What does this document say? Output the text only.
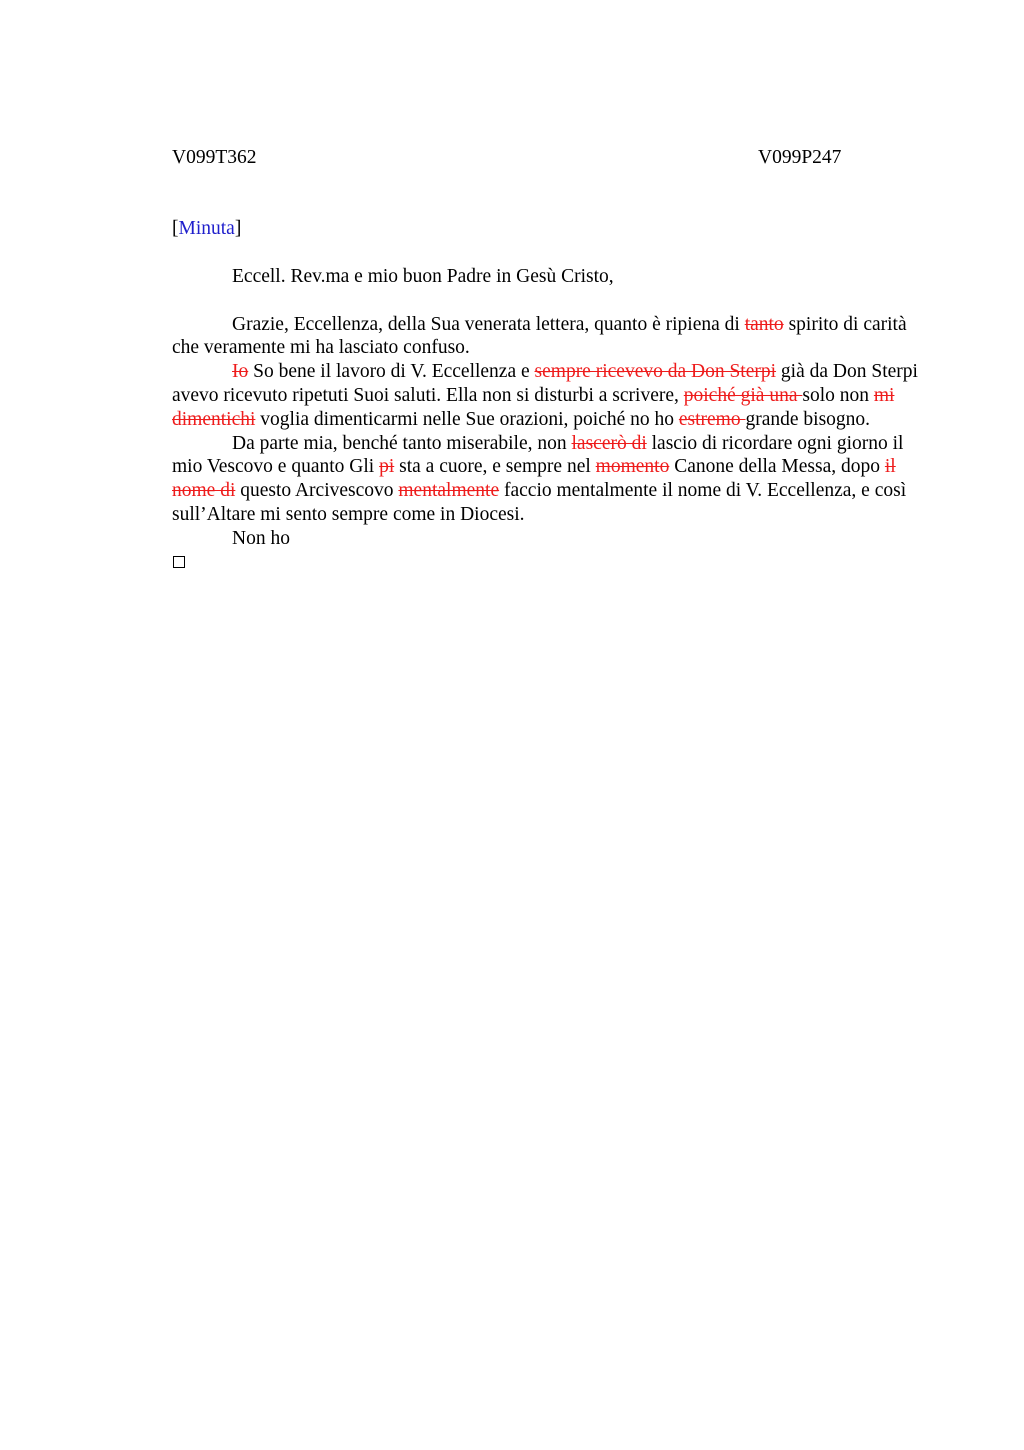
V099T362	V099P247
[Minuta]
Eccell. Rev.ma e mio buon Padre in Gesù Cristo,

Grazie, Eccellenza, della Sua venerata lettera, quanto è ripiena di tanto spirito di carità che veramente mi ha lasciato confuso.

Io So bene il lavoro di V. Eccellenza e sempre ricevevo da Don Sterpi già da Don Sterpi avevo ricevuto ripetuti Suoi saluti. Ella non si disturbi a scrivere, poiché già una solo non mi dimentichi voglia dimenticarmi nelle Sue orazioni, poiché no ho estremo grande bisogno.

Da parte mia, benché tanto miserabile, non lascerò di lascio di ricordare ogni giorno il mio Vescovo e quanto Gli pi sta a cuore, e sempre nel momento Canone della Messa, dopo il nome di questo Arcivescovo mentalmente faccio mentalmente il nome di V. Eccellenza, e così sull’Altare mi sento sempre come in Diocesi.

Non ho
